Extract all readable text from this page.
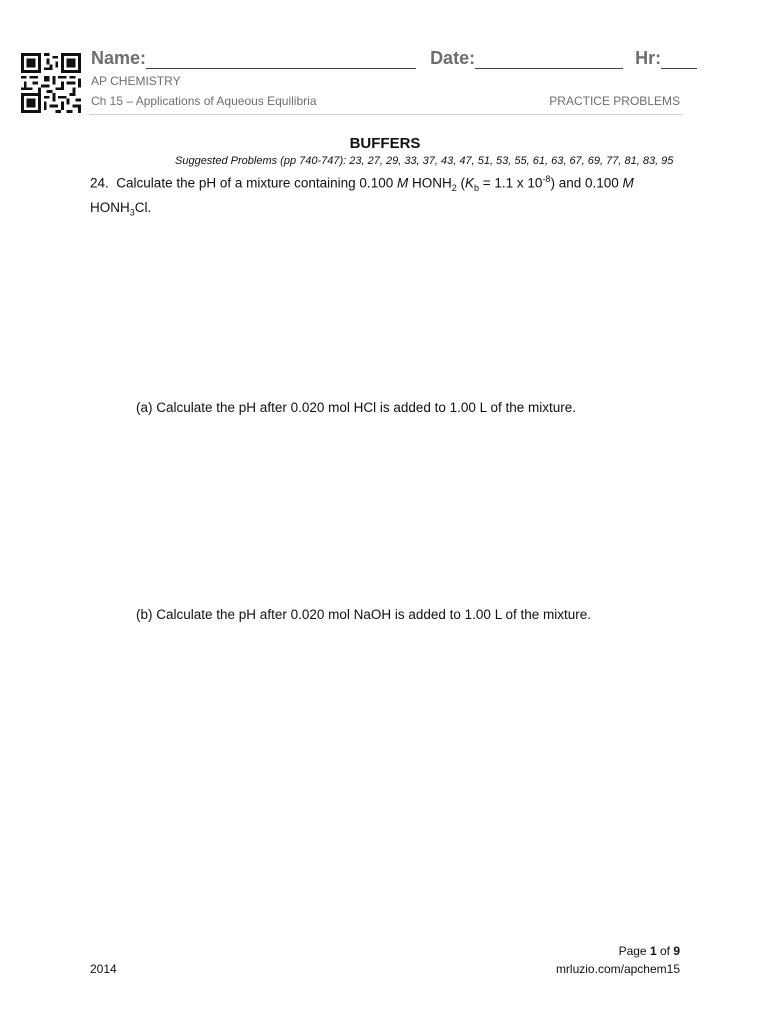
Name:	Date:	Hr:
AP CHEMISTRY
Ch 15 – Applications of Aqueous Equilibria	PRACTICE PROBLEMS
BUFFERS
Suggested Problems (pp 740-747): 23, 27, 29, 33, 37, 43, 47, 51, 53, 55, 61, 63, 67, 69, 77, 81, 83, 95
24. Calculate the pH of a mixture containing 0.100 M $HONH_2$ ($K_b = 1.1$ x $10^{-8}$) and 0.100 M
$HONH_3Cl$.
(a) Calculate the pH after 0.020 mol HCl is added to 1.00 L of the mixture.
(b) Calculate the pH after 0.020 mol NaOH is added to 1.00 L of the mixture.
2014
Page 1 of 9
mrluzio.com/apchem15
